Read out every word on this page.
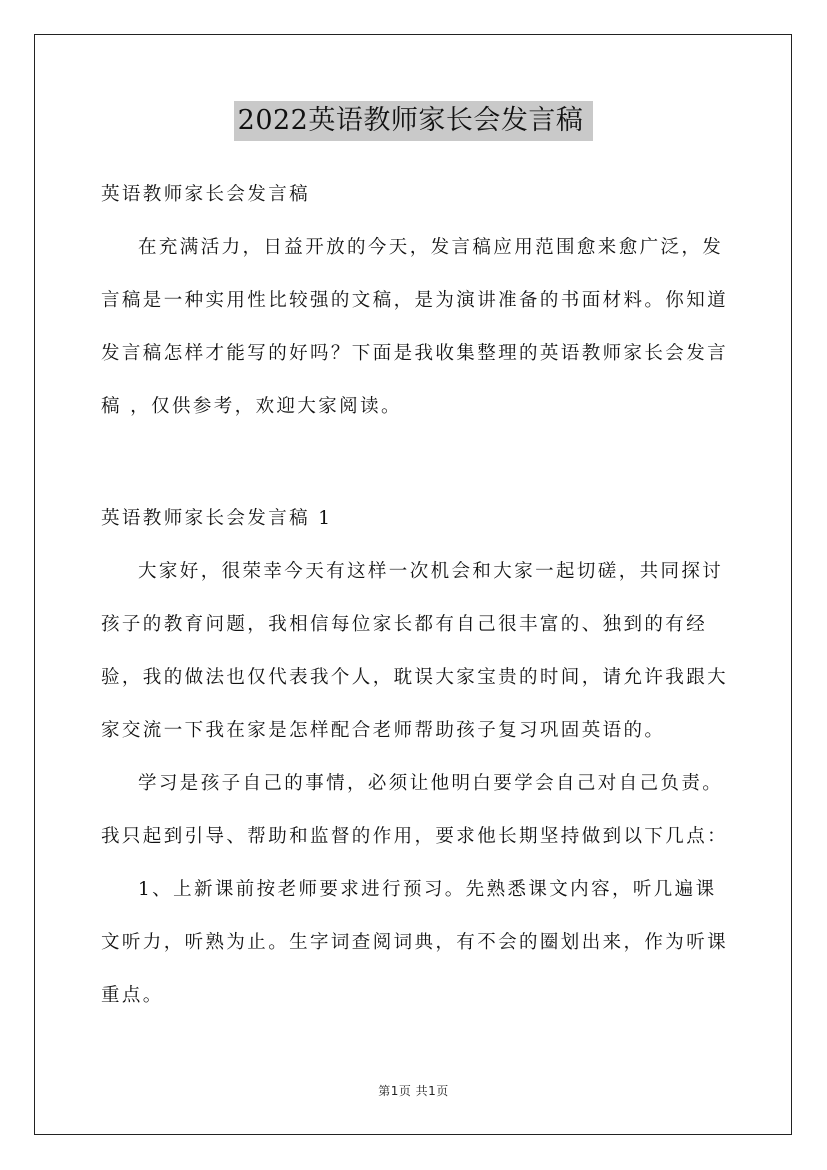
2022英语教师家长会发言稿

英语教师家长会发言稿

在充满活力，日益开放的今天，发言稿应用范围愈来愈广泛，发言稿是一种实用性比较强的文稿，是为演讲准备的书面材料。你知道发言稿怎样才能写的好吗？下面是我收集整理的英语教师家长会发言稿 ，仅供参考，欢迎大家阅读。

英语教师家长会发言稿 1

大家好，很荣幸今天有这样一次机会和大家一起切磋，共同探讨孩子的教育问题，我相信每位家长都有自己很丰富的、独到的有经验，我的做法也仅代表我个人，耽误大家宝贵的时间，请允许我跟大家交流一下我在家是怎样配合老师帮助孩子复习巩固英语的。

学习是孩子自己的事情，必须让他明白要学会自己对自己负责。我只起到引导、帮助和监督的作用，要求他长期坚持做到以下几点：

1、上新课前按老师要求进行预习。先熟悉课文内容，听几遍课文听力，听熟为止。生字词查阅词典，有不会的圈划出来，作为听课重点。

第1页 共1页
